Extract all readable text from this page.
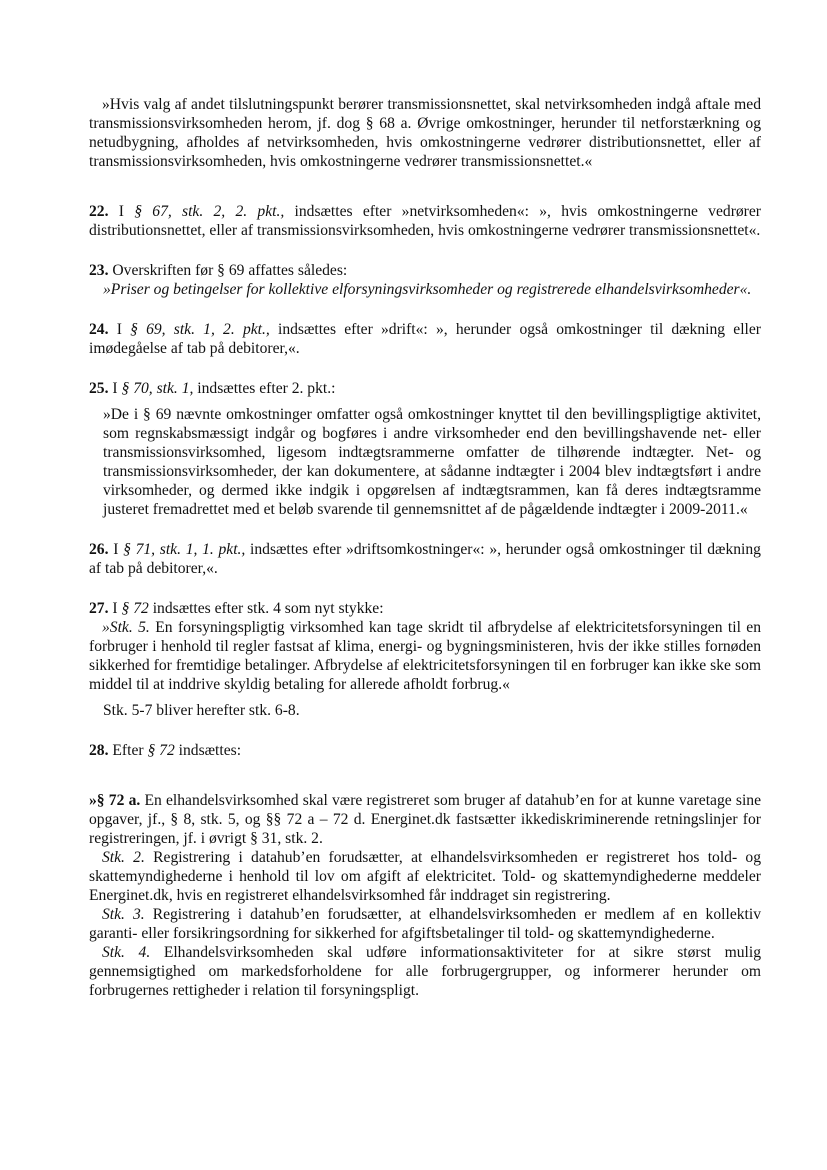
»Hvis valg af andet tilslutningspunkt berører transmissionsnettet, skal netvirksomheden indgå aftale med transmissionsvirksomheden herom, jf. dog § 68 a. Øvrige omkostninger, herunder til netforstærkning og netudbygning, afholdes af netvirksomheden, hvis omkostningerne vedrører distributionsnettet, eller af transmissionsvirksomheden, hvis omkostningerne vedrører transmissionsnettet.«

22. I § 67, stk. 2, 2. pkt., indsættes efter »netvirksomheden«: », hvis omkostningerne vedrører distributionsnettet, eller af transmissionsvirksomheden, hvis omkostningerne vedrører transmissionsnettet«.

23. Overskriften før § 69 affattes således:

»Priser og betingelser for kollektive elforsyningsvirksomheder og registrerede elhandelsvirksomheder«.

24. I § 69, stk. 1, 2. pkt., indsættes efter »drift«: », herunder også omkostninger til dækning eller imødegåelse af tab på debitorer,«.

25. I § 70, stk. 1, indsættes efter 2. pkt.:

»De i § 69 nævnte omkostninger omfatter også omkostninger knyttet til den bevillingspligtige aktivitet, som regnskabsmæssigt indgår og bogføres i andre virksomheder end den bevillingshavende net- eller transmissionsvirksomhed, ligesom indtægtsrammerne omfatter de tilhørende indtægter. Net- og transmissionsvirksomheder, der kan dokumentere, at sådanne indtægter i 2004 blev indtægtsført i andre virksomheder, og dermed ikke indgik i opgørelsen af indtægtsrammen, kan få deres indtægtsramme justeret fremadrettet med et beløb svarende til gennemsnittet af de pågældende indtægter i 2009-2011.«

26. I § 71, stk. 1, 1. pkt., indsættes efter »driftsomkostninger«: », herunder også omkostninger til dækning af tab på debitorer,«.

27. I § 72 indsættes efter stk. 4 som nyt stykke:

»Stk. 5. En forsyningspligtig virksomhed kan tage skridt til afbrydelse af elektricitetsforsyningen til en forbruger i henhold til regler fastsat af klima, energi- og bygningsministeren, hvis der ikke stilles fornøden sikkerhed for fremtidige betalinger. Afbrydelse af elektricitetsforsyningen til en forbruger kan ikke ske som middel til at inddrive skyldig betaling for allerede afholdt forbrug.«

Stk. 5-7 bliver herefter stk. 6-8.

28. Efter § 72 indsættes:

»§ 72 a. En elhandelsvirksomhed skal være registreret som bruger af datahub’en for at kunne varetage sine opgaver, jf., § 8, stk. 5, og §§ 72 a – 72 d. Energinet.dk fastsætter ikkediskriminerende retningslinjer for registreringen, jf. i øvrigt § 31, stk. 2.

Stk. 2. Registrering i datahub’en forudsætter, at elhandelsvirksomheden er registreret hos told- og skattemyndighederne i henhold til lov om afgift af elektricitet. Told- og skattemyndighederne meddeler Energinet.dk, hvis en registreret elhandelsvirksomhed får inddraget sin registrering.

Stk. 3. Registrering i datahub’en forudsætter, at elhandelsvirksomheden er medlem af en kollektiv garanti- eller forsikringsordning for sikkerhed for afgiftsbetalinger til told- og skattemyndighederne.

Stk. 4. Elhandelsvirksomheden skal udføre informationsaktiviteter for at sikre størst mulig gennemsigtighed om markedsforholdene for alle forbrugergrupper, og informerer herunder om forbrugernes rettigheder i relation til forsyningspligt.
